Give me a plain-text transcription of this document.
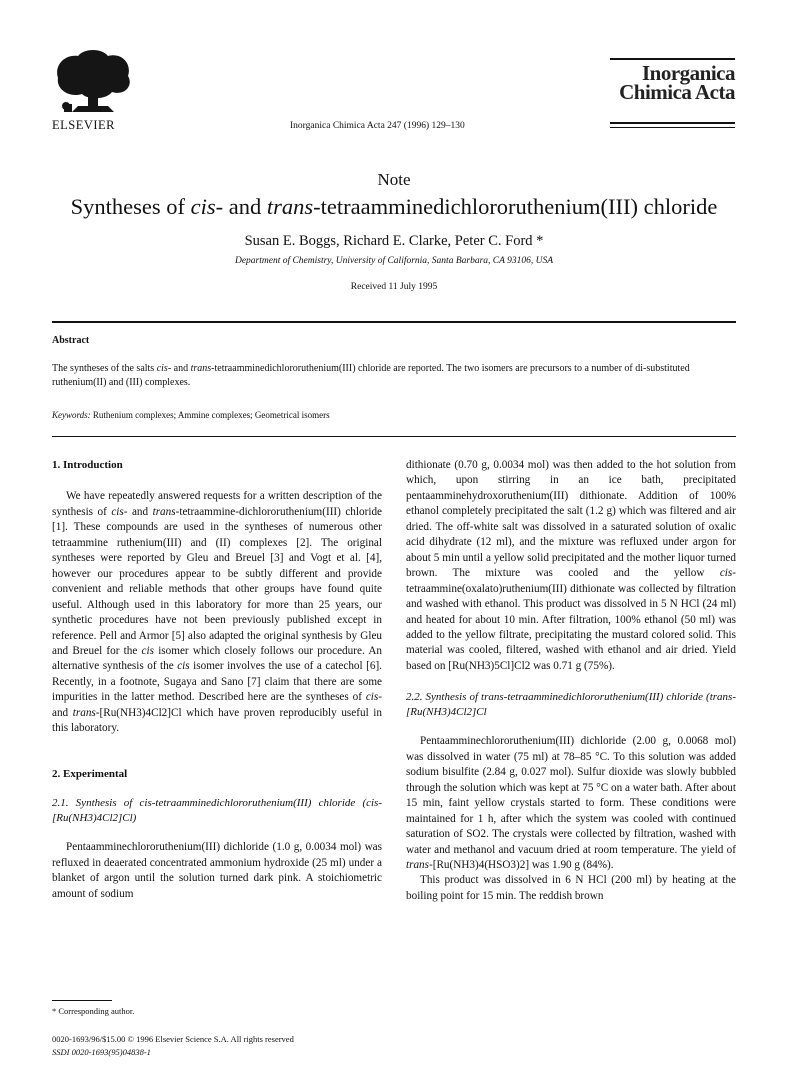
ELSEVIER	Inorganica Chimica Acta 247 (1996) 129–130
Inorganica
Chimica Acta
Note
Syntheses of cis- and trans-tetraamminedichlororuthenium(III) chloride
Susan E. Boggs, Richard E. Clarke, Peter C. Ford *
Department of Chemistry, University of California, Santa Barbara, CA 93106, USA
Received 11 July 1995
Abstract
The syntheses of the salts cis- and trans-tetraamminedichlororuthenium(III) chloride are reported. The two isomers are precursors to a number of di-substituted ruthenium(II) and (III) complexes.
Keywords: Ruthenium complexes; Ammine complexes; Geometrical isomers

1. Introduction

We have repeatedly answered requests for a written description of the synthesis of cis- and trans-tetraammine-dichlororuthenium(III) chloride [1]. These compounds are used in the syntheses of numerous other tetraammine ruthenium(III) and (II) complexes [2]. The original syntheses were reported by Gleu and Breuel [3] and Vogt et al. [4], however our procedures appear to be subtly different and provide convenient and reliable methods that other groups have found quite useful. Although used in this laboratory for more than 25 years, our synthetic procedures have not been previously published except in reference. Pell and Armor [5] also adapted the original synthesis by Gleu and Breuel for the cis isomer which closely follows our procedure. An alternative synthesis of the cis isomer involves the use of a catechol [6]. Recently, in a footnote, Sugaya and Sano [7] claim that there are some impurities in the latter method. Described here are the syntheses of cis- and trans-[Ru(NH3)4Cl2]Cl which have proven reproducibly useful in this laboratory.

2. Experimental

2.1. Synthesis of cis-tetraamminedichlororuthenium(III) chloride (cis-[Ru(NH3)4Cl2]Cl)

Pentaamminechlororuthenium(III) dichloride (1.0 g, 0.0034 mol) was refluxed in deaerated concentrated ammonium hydroxide (25 ml) under a blanket of argon until the solution turned dark pink. A stoichiometric amount of sodium

dithionate (0.70 g, 0.0034 mol) was then added to the hot solution from which, upon stirring in an ice bath, precipitated pentaamminehydroxoruthenium(III) dithionate. Addition of 100% ethanol completely precipitated the salt (1.2 g) which was filtered and air dried. The off-white salt was dissolved in a saturated solution of oxalic acid dihydrate (12 ml), and the mixture was refluxed under argon for about 5 min until a yellow solid precipitated and the mother liquor turned brown. The mixture was cooled and the yellow cis-tetraammine(oxalato)ruthenium(III) dithionate was collected by filtration and washed with ethanol. This product was dissolved in 5 N HCl (24 ml) and heated for about 10 min. After filtration, 100% ethanol (50 ml) was added to the yellow filtrate, precipitating the mustard colored solid. This material was cooled, filtered, washed with ethanol and air dried. Yield based on [Ru(NH3)5Cl]Cl2 was 0.71 g (75%).

2.2. Synthesis of trans-tetraamminedichlororuthenium(III) chloride (trans-[Ru(NH3)4Cl2]Cl

Pentaamminechlororuthenium(III) dichloride (2.00 g, 0.0068 mol) was dissolved in water (75 ml) at 78–85 °C. To this solution was added sodium bisulfite (2.84 g, 0.027 mol). Sulfur dioxide was slowly bubbled through the solution which was kept at 75 °C on a water bath. After about 15 min, faint yellow crystals started to form. These conditions were maintained for 1 h, after which the system was cooled with continued saturation of SO2. The crystals were collected by filtration, washed with water and methanol and vacuum dried at room temperature. The yield of trans-[Ru(NH3)4(HSO3)2] was 1.90 g (84%).

This product was dissolved in 6 N HCl (200 ml) by heating at the boiling point for 15 min. The reddish brown

* Corresponding author.
0020-1693/96/$15.00 © 1996 Elsevier Science S.A. All rights reserved
SSDI 0020-1693(95)04838-1
